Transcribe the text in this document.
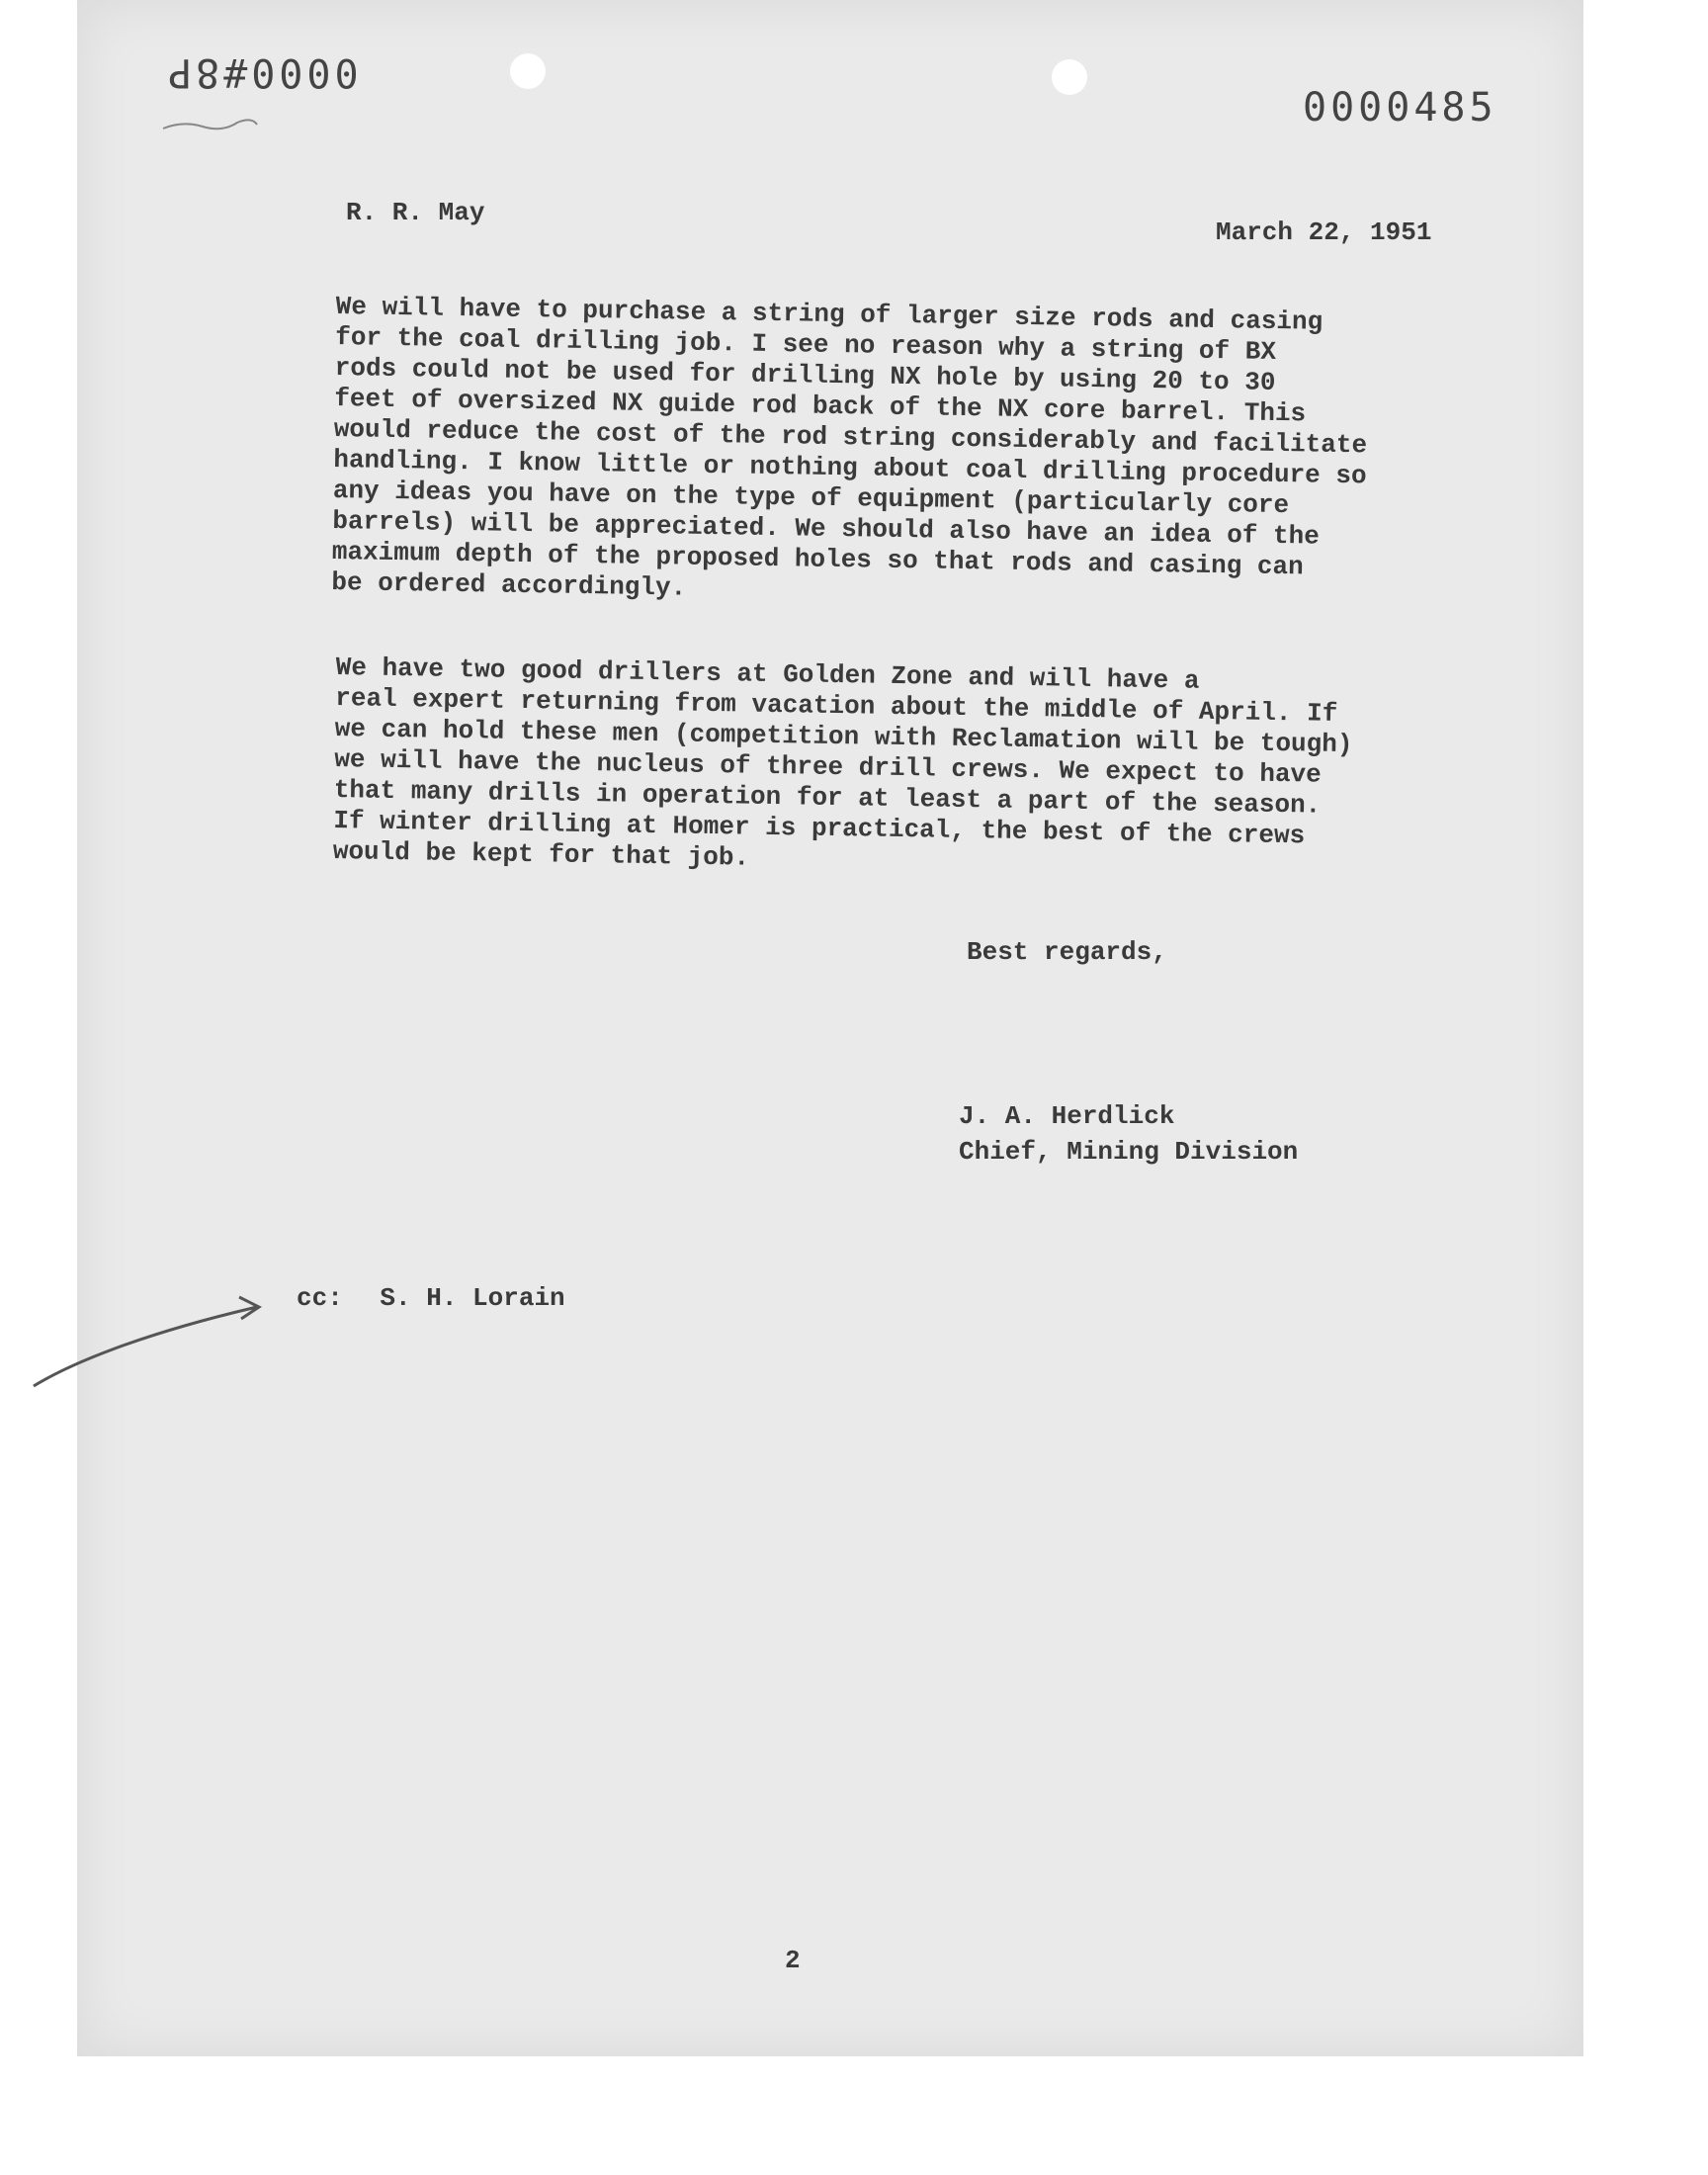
0000#8P
0000485
R. R. May
March 22, 1951

We will have to purchase a string of larger size rods and casing
for the coal drilling job. I see no reason why a string of BX
rods could not be used for drilling NX hole by using 20 to 30
feet of oversized NX guide rod back of the NX core barrel. This
would reduce the cost of the rod string considerably and facilitate
handling. I know little or nothing about coal drilling procedure so
any ideas you have on the type of equipment (particularly core
barrels) will be appreciated. We should also have an idea of the
maximum depth of the proposed holes so that rods and casing can
be ordered accordingly.

We have two good drillers at Golden Zone and will have a
real expert returning from vacation about the middle of April. If
we can hold these men (competition with Reclamation will be tough)
we will have the nucleus of three drill crews. We expect to have
that many drills in operation for at least a part of the season.
If winter drilling at Homer is practical, the best of the crews
would be kept for that job.

Best regards,
J. A. Herdlick
Chief, Mining Division
cc: S. H. Lorain
2
